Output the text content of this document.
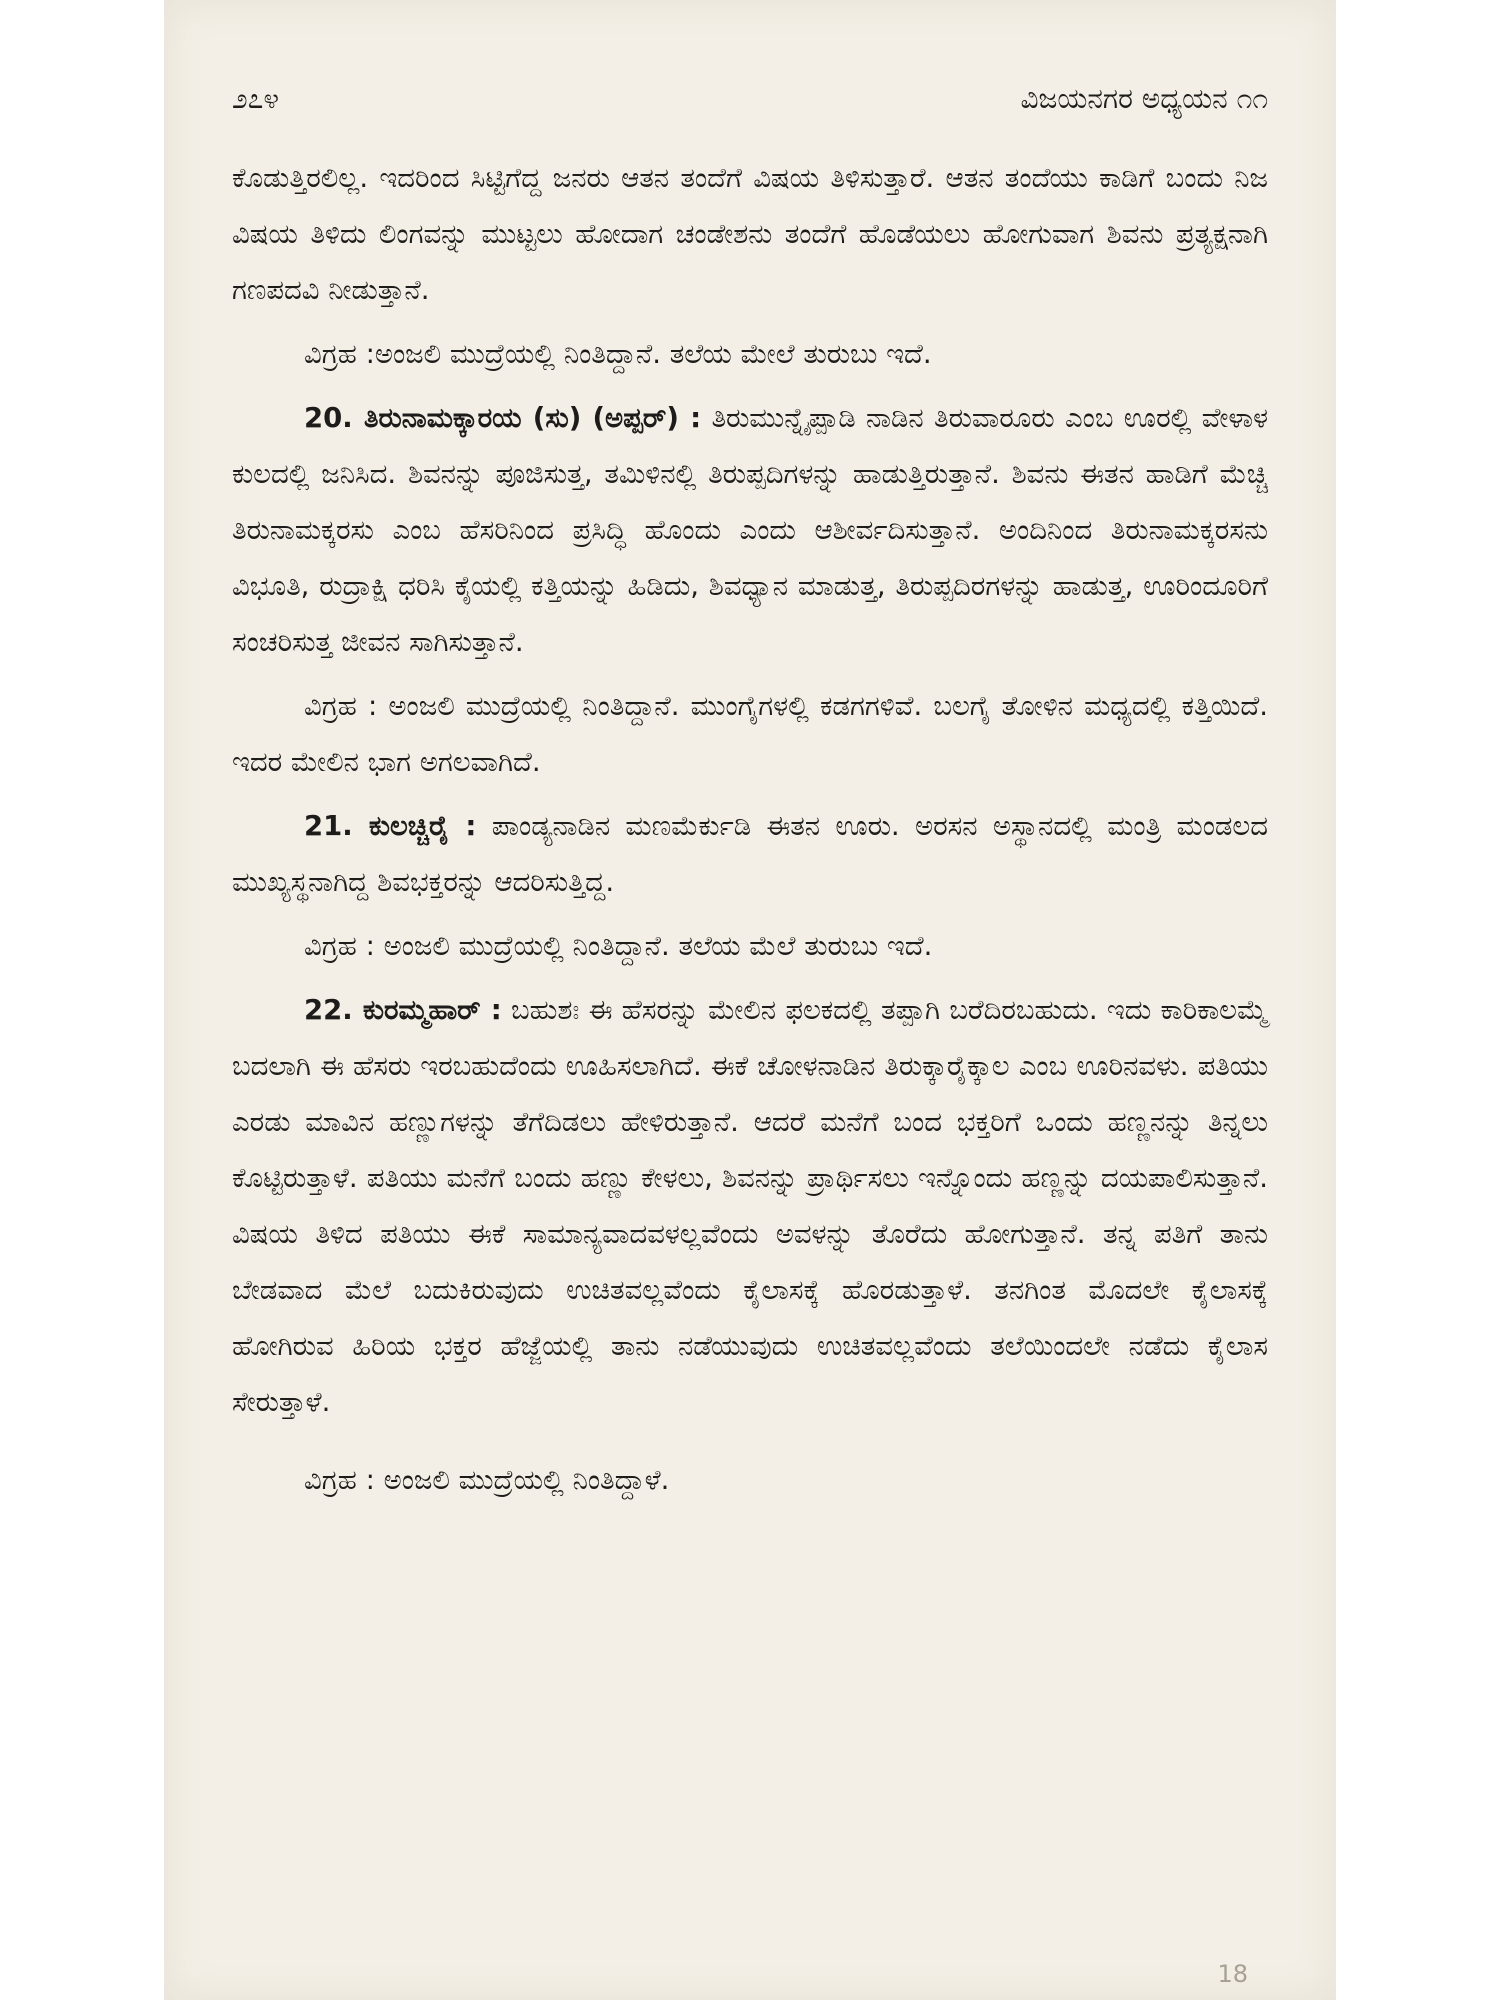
೨೭೪	ವಿಜಯನಗರ ಅಧ್ಯಯನ ೧೧

ಕೊಡುತ್ತಿರಲಿಲ್ಲ. ಇದರಿಂದ ಸಿಟ್ಟಿಗೆದ್ದ ಜನರು ಆತನ ತಂದೆಗೆ ವಿಷಯ ತಿಳಿಸುತ್ತಾರೆ. ಆತನ ತಂದೆಯು ಕಾಡಿಗೆ ಬಂದು ನಿಜ ವಿಷಯ ತಿಳಿದು ಲಿಂಗವನ್ನು ಮುಟ್ಟಲು ಹೋದಾಗ ಚಂಡೇಶನು ತಂದೆಗೆ ಹೊಡೆಯಲು ಹೋಗುವಾಗ ಶಿವನು ಪ್ರತ್ಯಕ್ಷನಾಗಿ ಗಣಪದವಿ ನೀಡುತ್ತಾನೆ.

ವಿಗ್ರಹ :ಅಂಜಲಿ ಮುದ್ರೆಯಲ್ಲಿ ನಿಂತಿದ್ದಾನೆ. ತಲೆಯ ಮೇಲೆ ತುರುಬು ಇದೆ.

20. ತಿರುನಾಮಕ್ಕಾರಯ (ಸು) (ಅಪ್ಪರ್) : ತಿರುಮುನ್ನೈಪ್ಪಾಡಿ ನಾಡಿನ ತಿರುವಾರೂರು ಎಂಬ ಊರಲ್ಲಿ ವೇಳಾಳ ಕುಲದಲ್ಲಿ ಜನಿಸಿದ. ಶಿವನನ್ನು ಪೂಜಿಸುತ್ತ, ತಮಿಳಿನಲ್ಲಿ ತಿರುಪ್ಪದಿಗಳನ್ನು ಹಾಡುತ್ತಿರುತ್ತಾನೆ. ಶಿವನು ಈತನ ಹಾಡಿಗೆ ಮೆಚ್ಚಿ ತಿರುನಾಮಕ್ಕರಸು ಎಂಬ ಹೆಸರಿನಿಂದ ಪ್ರಸಿದ್ಧಿ ಹೊಂದು ಎಂದು ಆಶೀರ್ವದಿಸುತ್ತಾನೆ. ಅಂದಿನಿಂದ ತಿರುನಾಮಕ್ಕರಸನು ವಿಭೂತಿ, ರುದ್ರಾಕ್ಷಿ ಧರಿಸಿ ಕೈಯಲ್ಲಿ ಕತ್ತಿಯನ್ನು ಹಿಡಿದು, ಶಿವಧ್ಯಾನ ಮಾಡುತ್ತ, ತಿರುಪ್ಪದಿರಗಳನ್ನು ಹಾಡುತ್ತ, ಊರಿಂದೂರಿಗೆ ಸಂಚರಿಸುತ್ತ ಜೀವನ ಸಾಗಿಸುತ್ತಾನೆ.

ವಿಗ್ರಹ : ಅಂಜಲಿ ಮುದ್ರೆಯಲ್ಲಿ ನಿಂತಿದ್ದಾನೆ. ಮುಂಗೈಗಳಲ್ಲಿ ಕಡಗಗಳಿವೆ. ಬಲಗೈ ತೋಳಿನ ಮಧ್ಯದಲ್ಲಿ ಕತ್ತಿಯಿದೆ. ಇದರ ಮೇಲಿನ ಭಾಗ ಅಗಲವಾಗಿದೆ.

21. ಕುಲಚ್ಚಿರೈ : ಪಾಂಡ್ಯನಾಡಿನ ಮಣಮೆರ್ಕುಡಿ ಈತನ ಊರು. ಅರಸನ ಅಸ್ಥಾನದಲ್ಲಿ ಮಂತ್ರಿ ಮಂಡಲದ ಮುಖ್ಯಸ್ಥನಾಗಿದ್ದ ಶಿವಭಕ್ತರನ್ನು ಆದರಿಸುತ್ತಿದ್ದ.

ವಿಗ್ರಹ : ಅಂಜಲಿ ಮುದ್ರೆಯಲ್ಲಿ ನಿಂತಿದ್ದಾನೆ. ತಲೆಯ ಮೆಲೆ ತುರುಬು ಇದೆ.

22. ಕುರಮ್ಮಹಾರ್ : ಬಹುಶಃ ಈ ಹೆಸರನ್ನು ಮೇಲಿನ ಫಲಕದಲ್ಲಿ ತಪ್ಪಾಗಿ ಬರೆದಿರಬಹುದು. ಇದು ಕಾರಿಕಾಲಮ್ಮೆ ಬದಲಾಗಿ ಈ ಹೆಸರು ಇರಬಹುದೆಂದು ಊಹಿಸಲಾಗಿದೆ. ಈಕೆ ಚೋಳನಾಡಿನ ತಿರುಕ್ಕಾರೈಕ್ಕಾಲ ಎಂಬ ಊರಿನವಳು. ಪತಿಯು ಎರಡು ಮಾವಿನ ಹಣ್ಣುಗಳನ್ನು ತೆಗೆದಿಡಲು ಹೇಳಿರುತ್ತಾನೆ. ಆದರೆ ಮನೆಗೆ ಬಂದ ಭಕ್ತರಿಗೆ ಒಂದು ಹಣ್ಣನನ್ನು ತಿನ್ನಲು ಕೊಟ್ಟಿರುತ್ತಾಳೆ. ಪತಿಯು ಮನೆಗೆ ಬಂದು ಹಣ್ಣು ಕೇಳಲು, ಶಿವನನ್ನು ಪ್ರಾರ್ಥಿಸಲು ಇನ್ನೊಂದು ಹಣ್ಣನ್ನು ದಯಪಾಲಿಸುತ್ತಾನೆ. ವಿಷಯ ತಿಳಿದ ಪತಿಯು ಈಕೆ ಸಾಮಾನ್ಯವಾದವಳಲ್ಲವೆಂದು ಅವಳನ್ನು ತೊರೆದು ಹೋಗುತ್ತಾನೆ. ತನ್ನ ಪತಿಗೆ ತಾನು ಬೇಡವಾದ ಮೆಲೆ ಬದುಕಿರುವುದು ಉಚಿತವಲ್ಲವೆಂದು ಕೈಲಾಸಕ್ಕೆ ಹೊರಡುತ್ತಾಳೆ. ತನಗಿಂತ ಮೊದಲೇ ಕೈಲಾಸಕ್ಕೆ ಹೋಗಿರುವ ಹಿರಿಯ ಭಕ್ತರ ಹೆಜ್ಜೆಯಲ್ಲಿ ತಾನು ನಡೆಯುವುದು ಉಚಿತವಲ್ಲವೆಂದು ತಲೆಯಿಂದಲೇ ನಡೆದು ಕೈಲಾಸ ಸೇರುತ್ತಾಳೆ.

ವಿಗ್ರಹ : ಅಂಜಲಿ ಮುದ್ರೆಯಲ್ಲಿ ನಿಂತಿದ್ದಾಳೆ.

18
